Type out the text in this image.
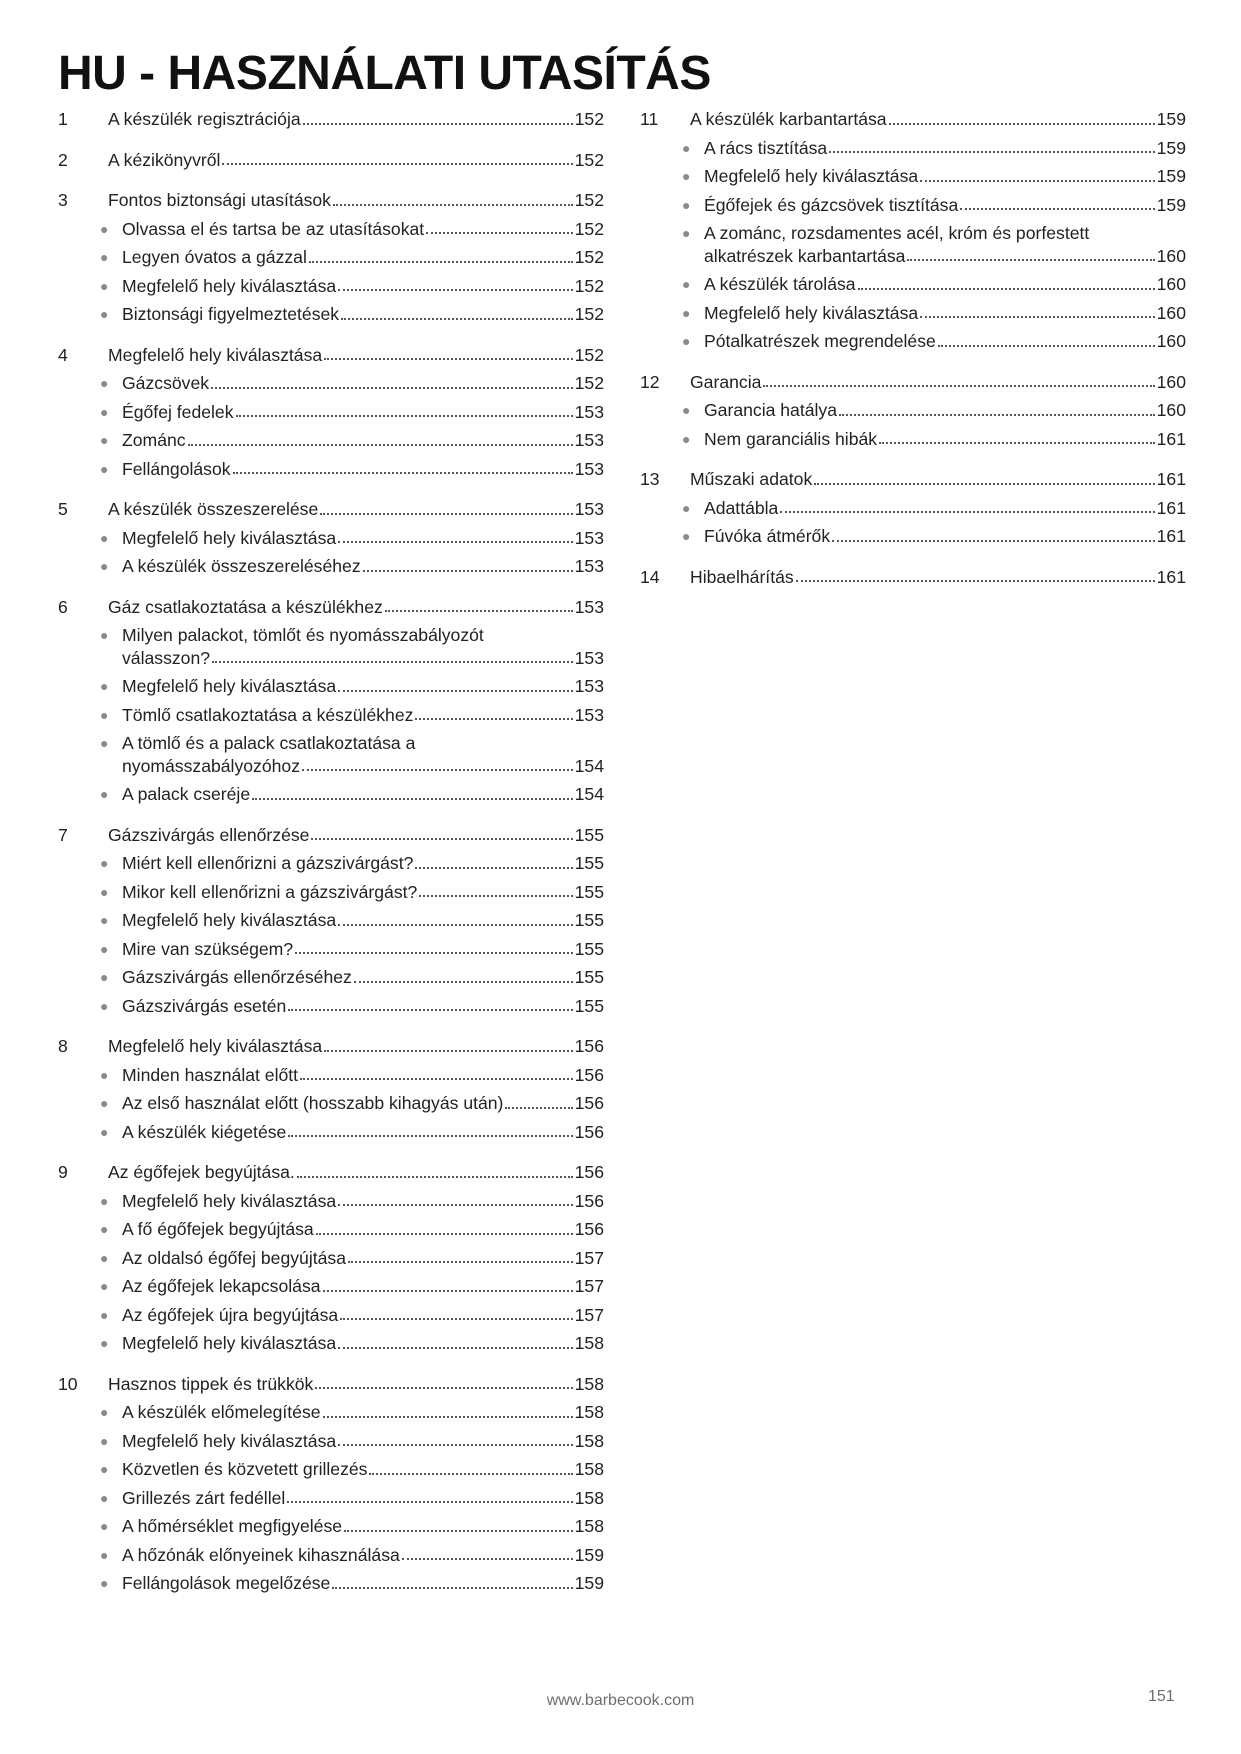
HU - HASZNÁLATI UTASÍTÁS
1	A készülék regisztrációja	152
2	A kézikönyvről	152
3	Fontos biztonsági utasítások	152
● Olvassa el és tartsa be az utasításokat	152
● Legyen óvatos a gázzal	152
● Megfelelő hely kiválasztása	152
● Biztonsági figyelmeztetések	152
4	Megfelelő hely kiválasztása	152
● Gázcsövek	152
● Égőfej fedelek	153
● Zománc	153
● Fellángolások	153
5	A készülék összeszerelése	153
● Megfelelő hely kiválasztása	153
● A készülék összeszereléséhez	153
6	Gáz csatlakoztatása a készülékhez	153
● Milyen palackot, tömlőt és nyomásszabályozót
válasszon?	153
● Megfelelő hely kiválasztása	153
● Tömlő csatlakoztatása a készülékhez	153
● A tömlő és a palack csatlakoztatása a
nyomásszabályozóhoz	154
● A palack cseréje	154
7	Gázszivárgás ellenőrzése	155
● Miért kell ellenőrizni a gázszivárgást?	155
● Mikor kell ellenőrizni a gázszivárgást?	155
● Megfelelő hely kiválasztása	155
● Mire van szükségem?	155
● Gázszivárgás ellenőrzéséhez	155
● Gázszivárgás esetén	155
8	Megfelelő hely kiválasztása	156
● Minden használat előtt	156
● Az első használat előtt (hosszabb kihagyás után)	156
● A készülék kiégetése	156
9	Az égőfejek begyújtása.	156
● Megfelelő hely kiválasztása	156
● A fő égőfejek begyújtása	156
● Az oldalsó égőfej begyújtása	157
● Az égőfejek lekapcsolása	157
● Az égőfejek újra begyújtása	157
● Megfelelő hely kiválasztása	158
10	Hasznos tippek és trükkök	158
● A készülék előmelegítése	158
● Megfelelő hely kiválasztása	158
● Közvetlen és közvetett grillezés	158
● Grillezés zárt fedéllel	158
● A hőmérséklet megfigyelése	158
● A hőzónák előnyeinek kihasználása	159
● Fellángolások megelőzése	159
11	A készülék karbantartása	159
● A rács tisztítása	159
● Megfelelő hely kiválasztása	159
● Égőfejek és gázcsövek tisztítása	159
● A zománc, rozsdamentes acél, króm és porfestett
alkatrészek karbantartása	160
● A készülék tárolása	160
● Megfelelő hely kiválasztása	160
● Pótalkatrészek megrendelése	160
12	Garancia	160
● Garancia hatálya	160
● Nem garanciális hibák	161
13	Műszaki adatok	161
● Adattábla	161
● Fúvóka átmérők	161
14	Hibaelhárítás	161
www.barbecook.com	151
